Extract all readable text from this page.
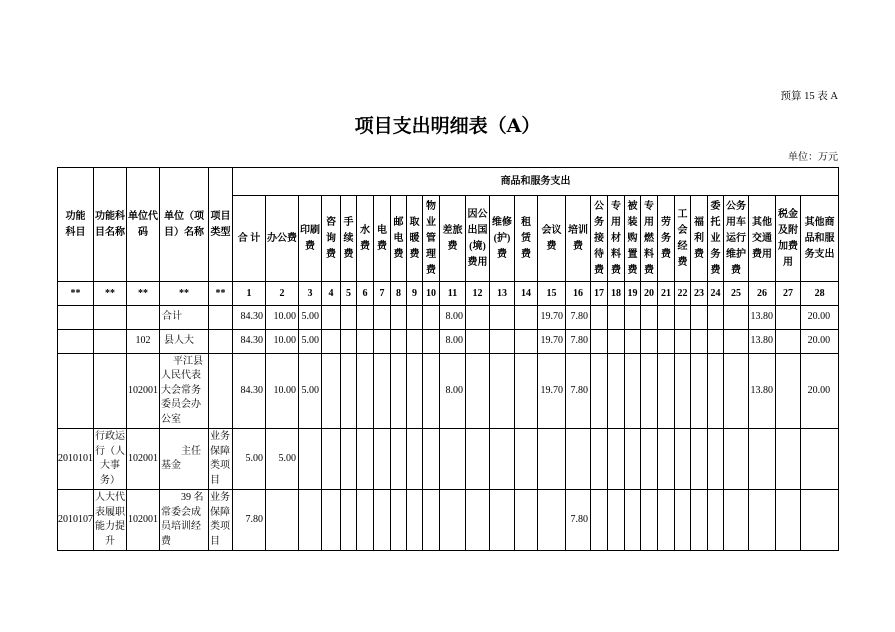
预算 15 表 A
项目支出明细表（A）
单位：万元
功能科目	功能科目名称	单位代码	单位（项目）名称	项目类型	商品和服务支出																											
					合 计	办公费	印刷费	咨询费	手续费	水费	电费	邮电费	取暖费	物业管理费	差旅费	因公出国(境)费用	维修(护)费	租赁费	会议费	培训费	公务接待费	专用材料费	被装购置费	专用燃料费	劳务费	工会经费	福利费	委托业务费	公务用车运行维护费	其他交通费用	税金及附加费用	其他商品和服务支出
**	**	**	**	**	1	2	3	4	5	6	7	8	9	10	11	12	13	14	15	16	17	18	19	20	21	22	23	24	25	26	27	28
			合计		84.30	10.00	5.00								8.00				19.70	7.80										13.80		20.00
		102	县人大		84.30	10.00	5.00								8.00				19.70	7.80										13.80		20.00
		102001	平江县人民代表大会常务委员会办公室		84.30	10.00	5.00								8.00				19.70	7.80										13.80		20.00
2010101	行政运行（人大事务）	102001	主任基金	业务保障类项目	5.00	5.00																										
2010107	人大代表履职能力提升	102001	39 名常委会成员培训经费	业务保障类项目	7.80															7.80												
